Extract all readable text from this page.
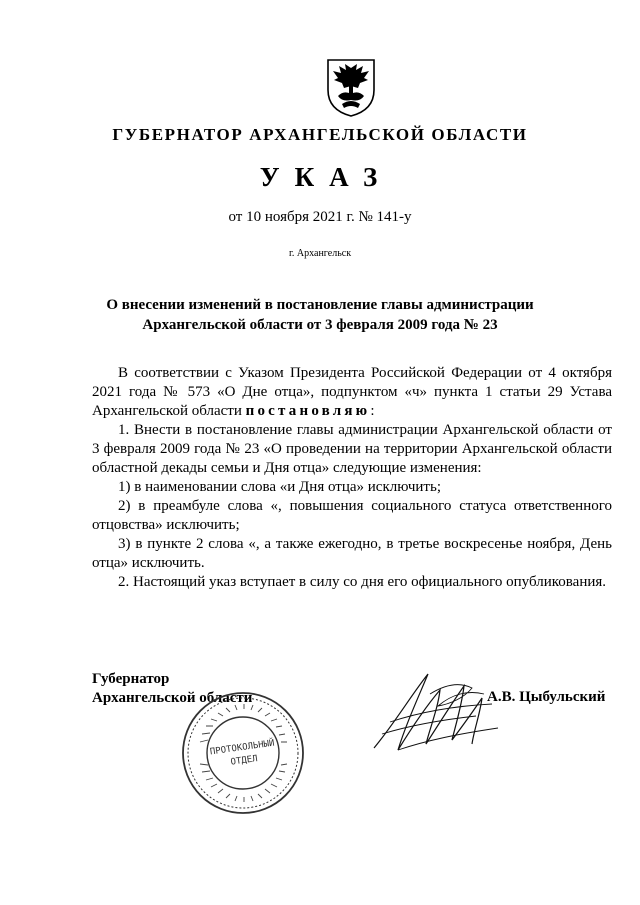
ГУБЕРНАТОР АРХАНГЕЛЬСКОЙ ОБЛАСТИ
УКАЗ
от 10 ноября 2021 г. № 141-у
г. Архангельск
О внесении изменений в постановление главы администрации
Архангельской области от 3 февраля 2009 года № 23

В соответствии с Указом Президента Российской Федерации от 4 октября 2021 года № 573 «О Дне отца», подпунктом «ч» пункта 1 статьи 29 Устава Архангельской области постановляю:

1. Внести в постановление главы администрации Архангельской области от 3 февраля 2009 года № 23 «О проведении на территории Архангельской области областной декады семьи и Дня отца» следующие изменения:

1) в наименовании слова «и Дня отца» исключить;

2) в преамбуле слова «, повышения социального статуса ответственного отцовства» исключить;

3) в пункте 2 слова «, а также ежегодно, в третье воскресенье ноября, День отца» исключить.

2. Настоящий указ вступает в силу со дня его официального опубликования.

Губернатор
Архангельской области
ПРОТОКОЛЬНЫЙ
ОТДЕЛ
А.В. Цыбульский
